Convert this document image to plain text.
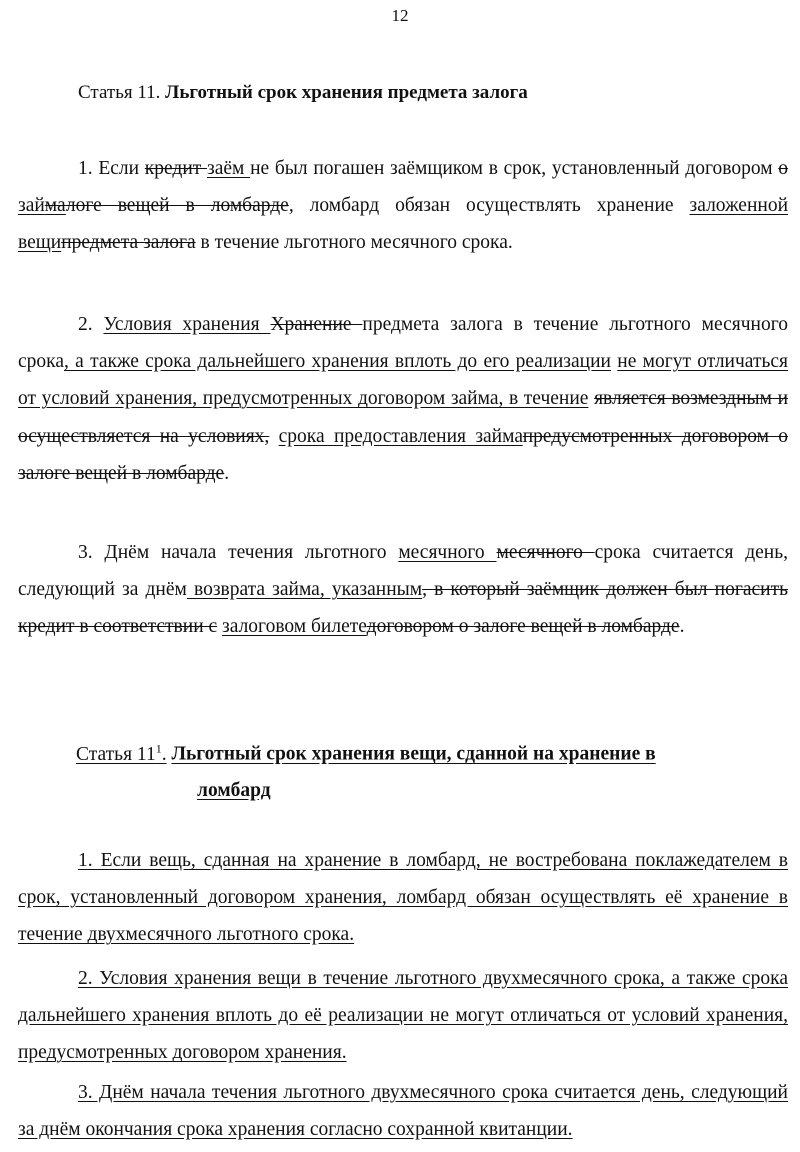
12
Статья 11. Льготный срок хранения предмета залога

1. Если кредит заём не был погашен заёмщиком в срок, установленный договором о займалоге вещей в ломбарде, ломбард обязан осуществлять хранение заложенной вещипредмета залога в течение льготного месячного срока.

2. Условия хранения Хранение предмета залога в течение льготного месячного срока, а также срока дальнейшего хранения вплоть до его реализации не могут отличаться от условий хранения, предусмотренных договором займа, в течение является возмездным и осуществляется на условиях, срока предоставления займапредусмотренных договором о залоге вещей в ломбарде.

3. Днём начала течения льготного месячного месячного срока считается день, следующий за днём возврата займа, указанным, в который заёмщик должен был погасить кредит в соответствии с залоговом билетедоговором о залоге вещей в ломбарде.

Статья $11^1$. Льготный срок хранения вещи, сданной на хранение в
ломбард

1. Если вещь, сданная на хранение в ломбард, не востребована поклажедателем в срок, установленный договором хранения, ломбард обязан осуществлять её хранение в течение двухмесячного льготного срока.

2. Условия хранения вещи в течение льготного двухмесячного срока, а также срока дальнейшего хранения вплоть до её реализации не могут отличаться от условий хранения, предусмотренных договором хранения.

3. Днём начала течения льготного двухмесячного срока считается день, следующий за днём окончания срока хранения согласно сохранной квитанции.
